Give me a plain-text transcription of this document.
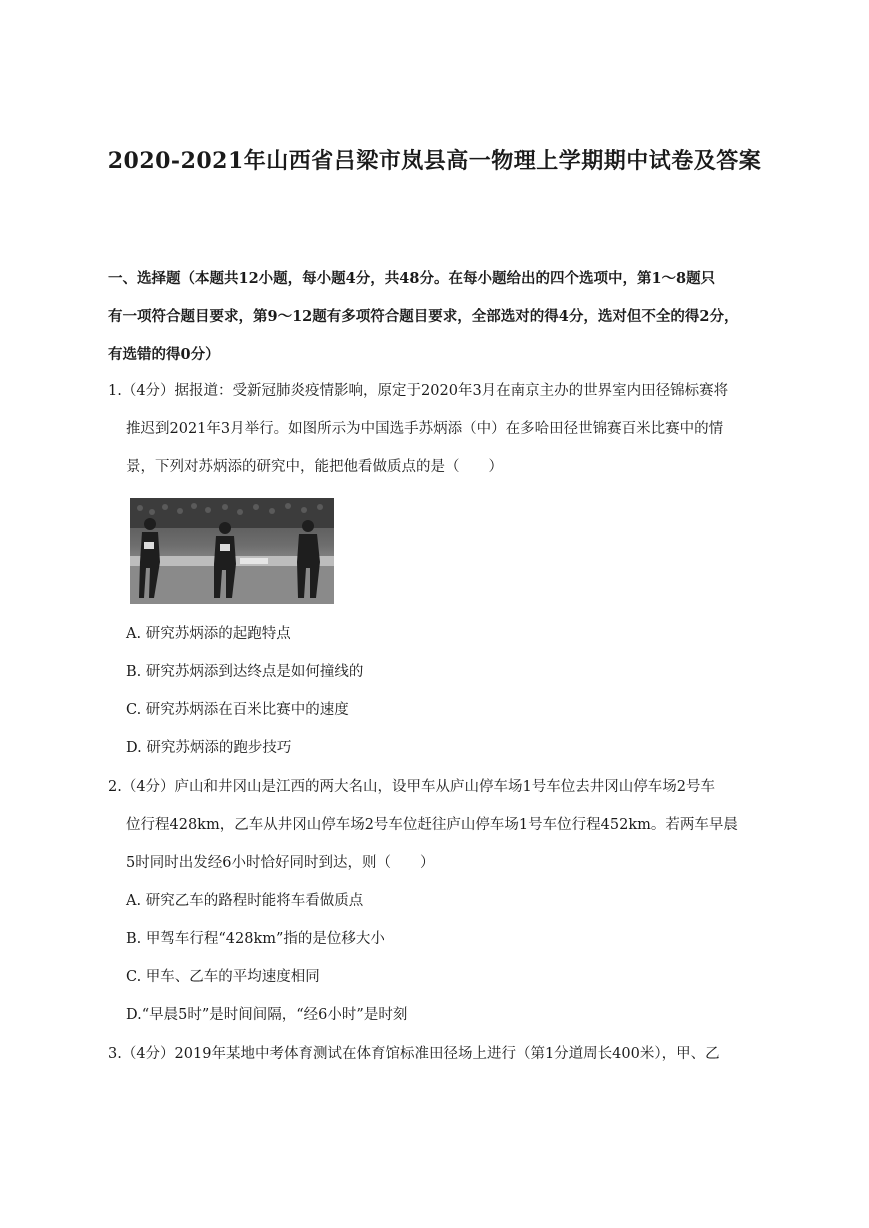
2020-2021年山西省吕梁市岚县高一物理上学期期中试卷及答案
一、选择题（本题共12小题，每小题4分，共48分。在每小题给出的四个选项中，第1～8题只
有一项符合题目要求，第9～12题有多项符合题目要求，全部选对的得4分，选对但不全的得2分，
有选错的得0分）
1.（4分）据报道：受新冠肺炎疫情影响，原定于2020年3月在南京主办的世界室内田径锦标赛将
推迟到2021年3月举行。如图所示为中国选手苏炳添（中）在多哈田径世锦赛百米比赛中的情
景，下列对苏炳添的研究中，能把他看做质点的是（　　）
A. 研究苏炳添的起跑特点
B. 研究苏炳添到达终点是如何撞线的
C. 研究苏炳添在百米比赛中的速度
D. 研究苏炳添的跑步技巧
2.（4分）庐山和井冈山是江西的两大名山，设甲车从庐山停车场1号车位去井冈山停车场2号车
位行程428km，乙车从井冈山停车场2号车位赶往庐山停车场1号车位行程452km。若两车早晨
5时同时出发经6小时恰好同时到达，则（　　）
A. 研究乙车的路程时能将车看做质点
B. 甲驾车行程“428km”指的是位移大小
C. 甲车、乙车的平均速度相同
D.“早晨5时”是时间间隔，“经6小时”是时刻
3.（4分）2019年某地中考体育测试在体育馆标准田径场上进行（第1分道周长400米），甲、乙
